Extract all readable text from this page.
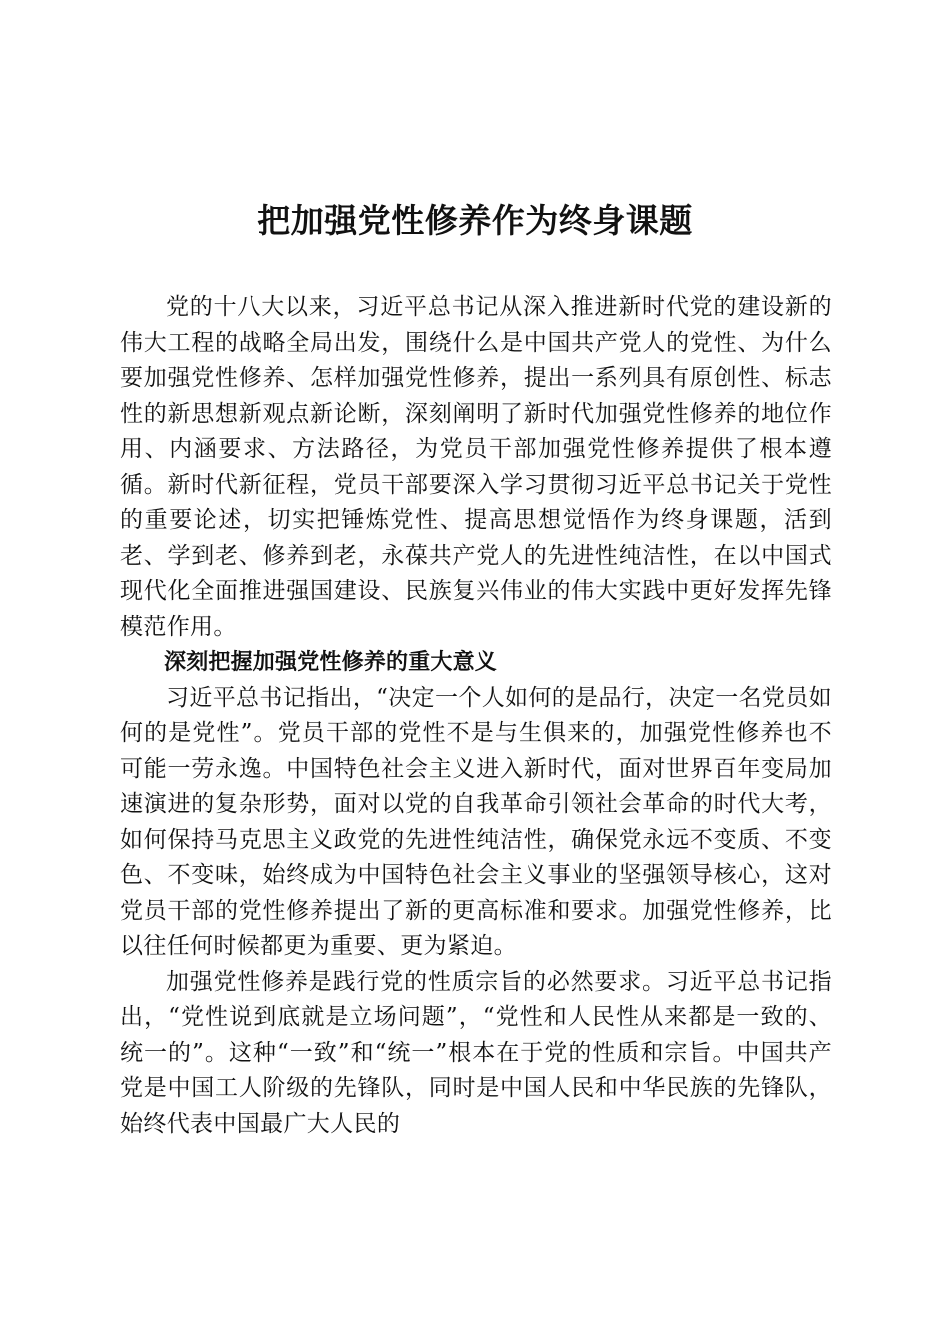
把加强党性修养作为终身课题

党的十八大以来，习近平总书记从深入推进新时代党的建设新的伟大工程的战略全局出发，围绕什么是中国共产党人的党性、为什么要加强党性修养、怎样加强党性修养，提出一系列具有原创性、标志性的新思想新观点新论断，深刻阐明了新时代加强党性修养的地位作用、内涵要求、方法路径，为党员干部加强党性修养提供了根本遵循。新时代新征程，党员干部要深入学习贯彻习近平总书记关于党性的重要论述，切实把锤炼党性、提高思想觉悟作为终身课题，活到老、学到老、修养到老，永葆共产党人的先进性纯洁性，在以中国式现代化全面推进强国建设、民族复兴伟业的伟大实践中更好发挥先锋模范作用。

深刻把握加强党性修养的重大意义

习近平总书记指出，“决定一个人如何的是品行，决定一名党员如何的是党性”。党员干部的党性不是与生俱来的，加强党性修养也不可能一劳永逸。中国特色社会主义进入新时代，面对世界百年变局加速演进的复杂形势，面对以党的自我革命引领社会革命的时代大考，如何保持马克思主义政党的先进性纯洁性，确保党永远不变质、不变色、不变味，始终成为中国特色社会主义事业的坚强领导核心，这对党员干部的党性修养提出了新的更高标准和要求。加强党性修养，比以往任何时候都更为重要、更为紧迫。

加强党性修养是践行党的性质宗旨的必然要求。习近平总书记指出，“党性说到底就是立场问题”，“党性和人民性从来都是一致的、统一的”。这种“一致”和“统一”根本在于党的性质和宗旨。中国共产党是中国工人阶级的先锋队，同时是中国人民和中华民族的先锋队，始终代表中国最广大人民的
